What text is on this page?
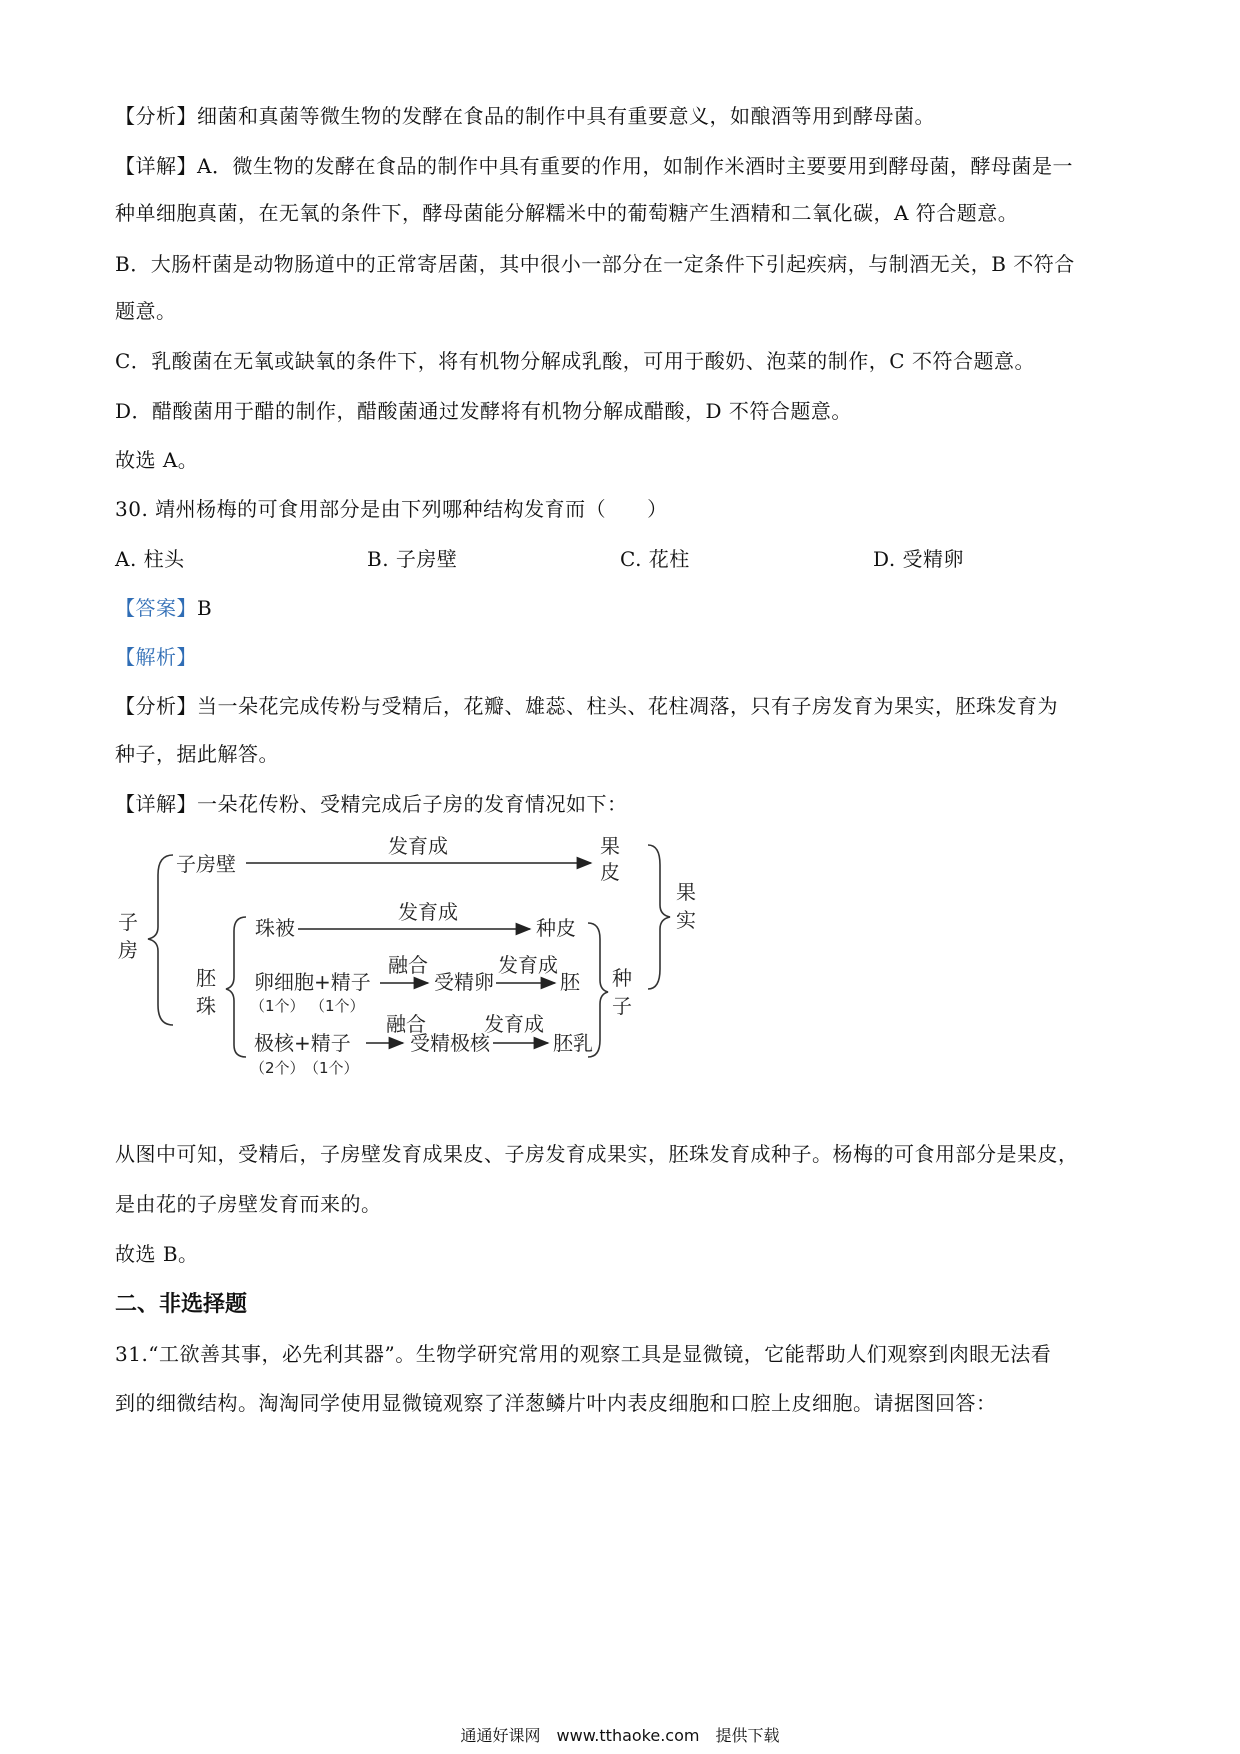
【分析】细菌和真菌等微生物的发酵在食品的制作中具有重要意义，如酿酒等用到酵母菌。
【详解】A．微生物的发酵在食品的制作中具有重要的作用，如制作米酒时主要要用到酵母菌，酵母菌是一
种单细胞真菌，在无氧的条件下，酵母菌能分解糯米中的葡萄糖产生酒精和二氧化碳，A 符合题意。
B．大肠杆菌是动物肠道中的正常寄居菌，其中很小一部分在一定条件下引起疾病，与制酒无关，B 不符合
题意。
C．乳酸菌在无氧或缺氧的条件下，将有机物分解成乳酸，可用于酸奶、泡菜的制作，C 不符合题意。
D．醋酸菌用于醋的制作，醋酸菌通过发酵将有机物分解成醋酸，D 不符合题意。
故选 A。
30. 靖州杨梅的可食用部分是由下列哪种结构发育而（　　）
A. 柱头	B. 子房壁	C. 花柱	D. 受精卵
【答案】B
【解析】
【分析】当一朵花完成传粉与受精后，花瓣、雄蕊、柱头、花柱凋落，只有子房发育为果实，胚珠发育为
种子，据此解答。
【详解】一朵花传粉、受精完成后子房的发育情况如下：
子
房
子房壁
发育成	果
皮
果
实
胚
珠
珠被
发育成
种皮
卵细胞+精子
融合
受精卵
发育成
胚 种
子
极核+精子
融合
受精极核
发育成
胚乳
（1个） （1个）
（2个） （1个）
从图中可知，受精后，子房壁发育成果皮、子房发育成果实，胚珠发育成种子。杨梅的可食用部分是果皮，
是由花的子房壁发育而来的。
故选 B。
二、非选择题
31.“工欲善其事，必先利其器”。生物学研究常用的观察工具是显微镜，它能帮助人们观察到肉眼无法看
到的细微结构。淘淘同学使用显微镜观察了洋葱鳞片叶内表皮细胞和口腔上皮细胞。请据图回答：
通通好课网　www.tthaoke.com　提供下载
